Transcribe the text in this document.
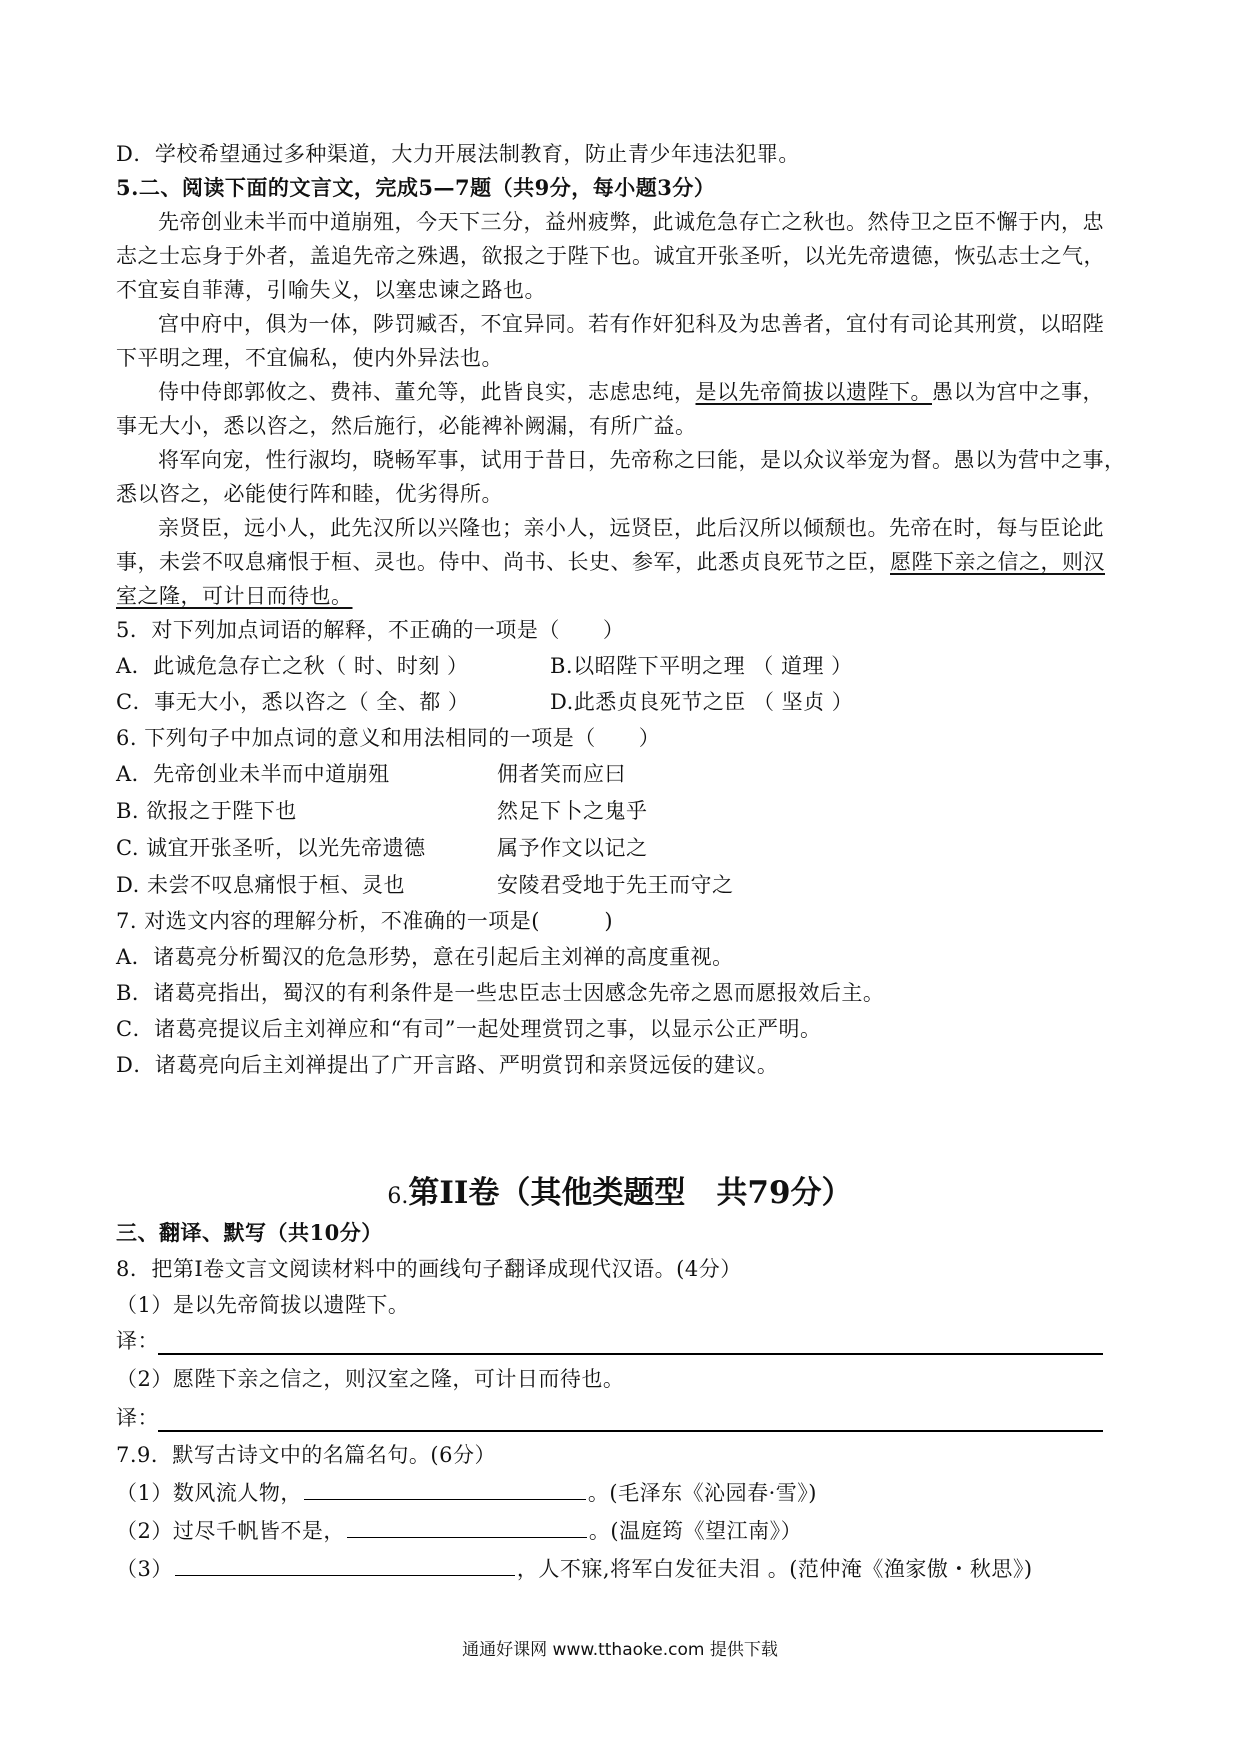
D．学校希望通过多种渠道，大力开展法制教育，防止青少年违法犯罪。
5.二、阅读下面的文言文，完成5—7题（共9分，每小题3分）
先帝创业未半而中道崩殂，今天下三分，益州疲弊，此诚危急存亡之秋也。然侍卫之臣不懈于内，忠
志之士忘身于外者，盖追先帝之殊遇，欲报之于陛下也。诚宜开张圣听，以光先帝遗德，恢弘志士之气，
不宜妄自菲薄，引喻失义，以塞忠谏之路也。
宫中府中，俱为一体，陟罚臧否，不宜异同。若有作奸犯科及为忠善者，宜付有司论其刑赏，以昭陛
下平明之理，不宜偏私，使内外异法也。
侍中侍郎郭攸之、费祎、董允等，此皆良实，志虑忠纯，是以先帝简拔以遗陛下。愚以为宫中之事，
事无大小，悉以咨之，然后施行，必能裨补阙漏，有所广益。
将军向宠，性行淑均，晓畅军事，试用于昔日，先帝称之曰能，是以众议举宠为督。愚以为营中之事，
悉以咨之，必能使行阵和睦，优劣得所。
亲贤臣，远小人，此先汉所以兴隆也；亲小人，远贤臣，此后汉所以倾颓也。先帝在时，每与臣论此
事，未尝不叹息痛恨于桓、灵也。侍中、尚书、长史、参军，此悉贞良死节之臣，愿陛下亲之信之，则汉
室之隆，可计日而待也。
5．对下列加点词语的解释，不正确的一项是（　　）
A．此诚危急存亡之秋（ 时、时刻 ）	B.以昭陛下平明之理 （ 道理 ）
C．事无大小，悉以咨之（ 全、都 ）	D.此悉贞良死节之臣 （ 坚贞 ）
6. 下列句子中加点词的意义和用法相同的一项是（　　）
A．先帝创业未半而中道崩殂	佣者笑而应曰
B. 欲报之于陛下也	然足下卜之鬼乎
C. 诚宜开张圣听，以光先帝遗德	属予作文以记之
D. 未尝不叹息痛恨于桓、灵也	安陵君受地于先王而守之
7. 对选文内容的理解分析，不准确的一项是(　　　)
A．诸葛亮分析蜀汉的危急形势，意在引起后主刘禅的高度重视。
B．诸葛亮指出，蜀汉的有利条件是一些忠臣志士因感念先帝之恩而愿报效后主。
C．诸葛亮提议后主刘禅应和“有司”一起处理赏罚之事，以显示公正严明。
D．诸葛亮向后主刘禅提出了广开言路、严明赏罚和亲贤远佞的建议。
6.第II卷（其他类题型　共79分）
三、翻译、默写（共10分）
8．把第Ⅰ卷文言文阅读材料中的画线句子翻译成现代汉语。(4分）
（1）是以先帝简拔以遗陛下。
译：
（2）愿陛下亲之信之，则汉室之隆，可计日而待也。
译：
7.9．默写古诗文中的名篇名句。(6分）
（1）数风流人物，	。(毛泽东《沁园春·雪》)
（2）过尽千帆皆不是，	。(温庭筠《望江南》）
（3）	，人不寐,将军白发征夫泪 。(范仲淹《渔家傲・秋思》)
通通好课网 www.tthaoke.com 提供下载
